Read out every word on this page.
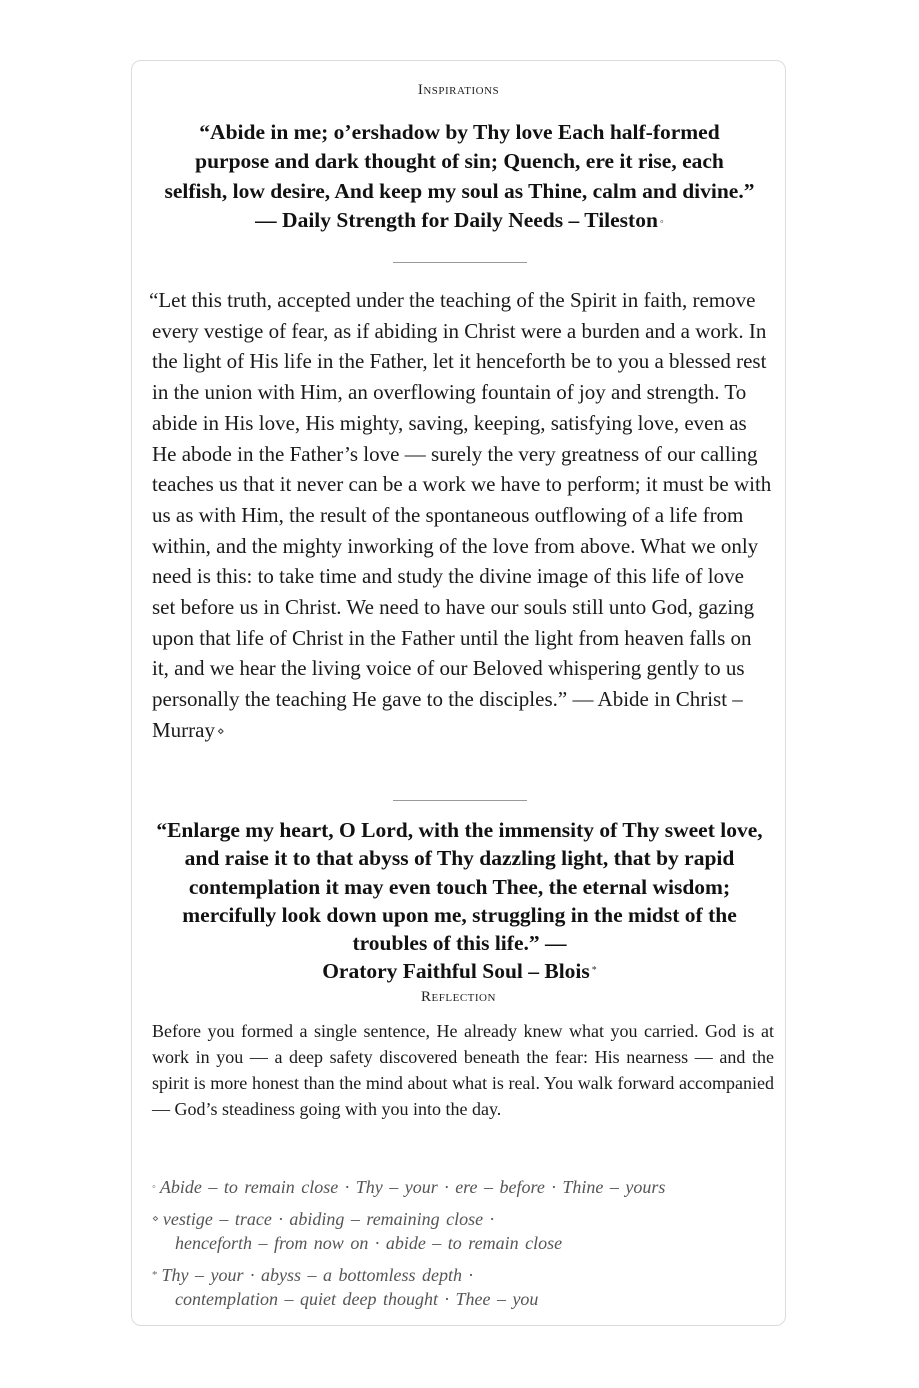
Inspirations
“Abide in me; o’ershadow by Thy love Each half-formed purpose and dark thought of sin; Quench, ere it rise, each selfish, low desire, And keep my soul as Thine, calm and divine.” — Daily Strength for Daily Needs – Tileston ◦
“Let this truth, accepted under the teaching of the Spirit in faith, remove every vestige of fear, as if abiding in Christ were a burden and a work. In the light of His life in the Father, let it henceforth be to you a blessed rest in the union with Him, an overflowing fountain of joy and strength. To abide in His love, His mighty, saving, keeping, satisfying love, even as He abode in the Father’s love — surely the very greatness of our calling teaches us that it never can be a work we have to perform; it must be with us as with Him, the result of the spontaneous outflowing of a life from within, and the mighty inworking of the love from above. What we only need is this: to take time and study the divine image of this life of love set before us in Christ. We need to have our souls still unto God, gazing upon that life of Christ in the Father until the light from heaven falls on it, and we hear the living voice of our Beloved whispering gently to us personally the teaching He gave to the disciples.” — Abide in Christ – Murray ⋄
“Enlarge my heart, O Lord, with the immensity of Thy sweet love, and raise it to that abyss of Thy dazzling light, that by rapid contemplation it may even touch Thee, the eternal wisdom; mercifully look down upon me, struggling in the midst of the troubles of this life.” —
Oratory Faithful Soul – Blois *
Reflection
Before you formed a single sentence, He already knew what you carried. God is at work in you — a deep safety discovered beneath the fear: His nearness — and the spirit is more honest than the mind about what is real. You walk forward accompanied — God’s steadiness going with you into the day.
◦ Abide – to remain close · Thy – your · ere – before · Thine – yours
⋄ vestige – trace · abiding – remaining close ·
henceforth – from now on · abide – to remain close
* Thy – your · abyss – a bottomless depth ·
contemplation – quiet deep thought · Thee – you
